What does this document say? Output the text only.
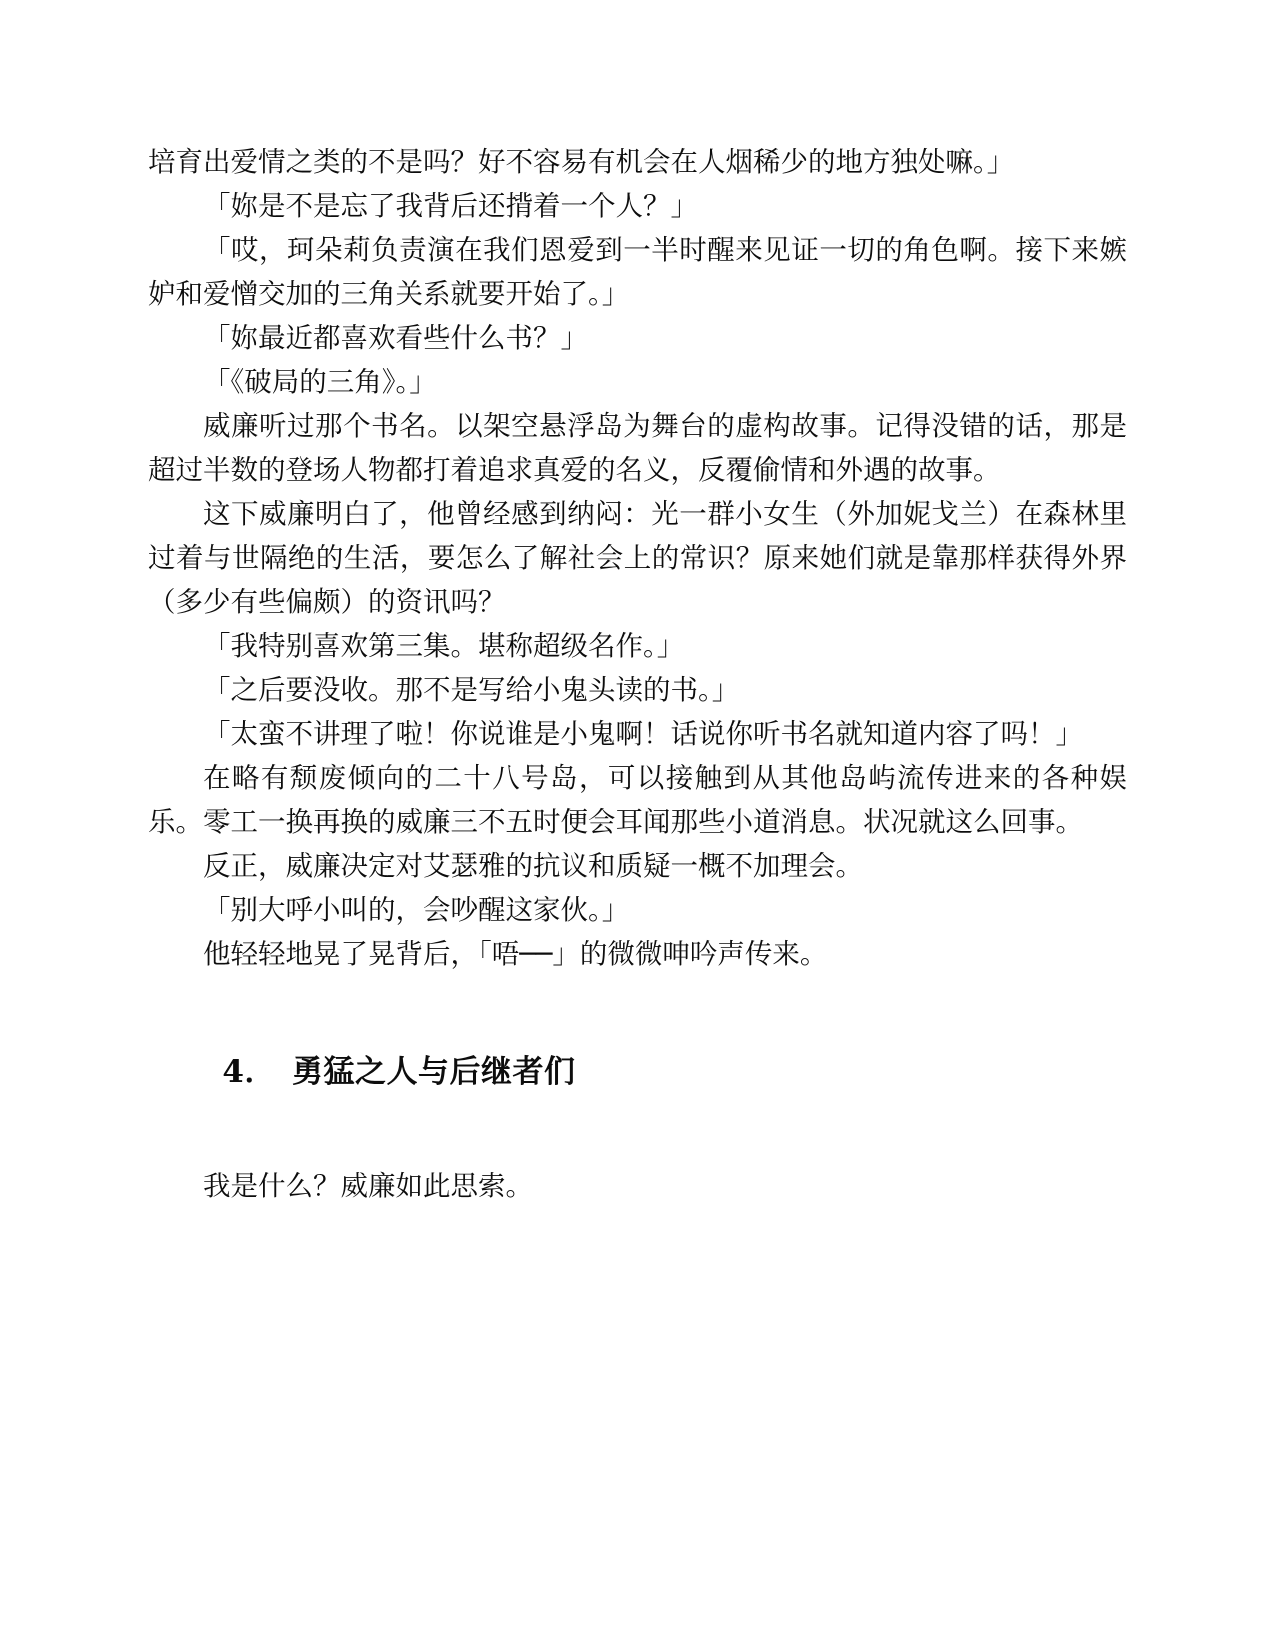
培育出爱情之类的不是吗？好不容易有机会在人烟稀少的地方独处嘛。」

「妳是不是忘了我背后还揹着一个人？」

「哎，珂朵莉负责演在我们恩爱到一半时醒来见证一切的角色啊。接下来嫉妒和爱憎交加的三角关系就要开始了。」

「妳最近都喜欢看些什么书？」

「《破局的三角》。」

威廉听过那个书名。以架空悬浮岛为舞台的虚构故事。记得没错的话，那是超过半数的登场人物都打着追求真爱的名义，反覆偷情和外遇的故事。

这下威廉明白了，他曾经感到纳闷：光一群小女生（外加妮戈兰）在森林里过着与世隔绝的生活，要怎么了解社会上的常识？原来她们就是靠那样获得外界（多少有些偏颇）的资讯吗？

「我特别喜欢第三集。堪称超级名作。」

「之后要没收。那不是写给小鬼头读的书。」

「太蛮不讲理了啦！你说谁是小鬼啊！话说你听书名就知道内容了吗！」

在略有颓废倾向的二十八号岛，可以接触到从其他岛屿流传进来的各种娱乐。零工一换再换的威廉三不五时便会耳闻那些小道消息。状况就这么回事。

反正，威廉决定对艾瑟雅的抗议和质疑一概不加理会。

「别大呼小叫的，会吵醒这家伙。」

他轻轻地晃了晃背后，「唔──」的微微呻吟声传来。

4．　勇猛之人与后继者们

我是什么？威廉如此思索。
